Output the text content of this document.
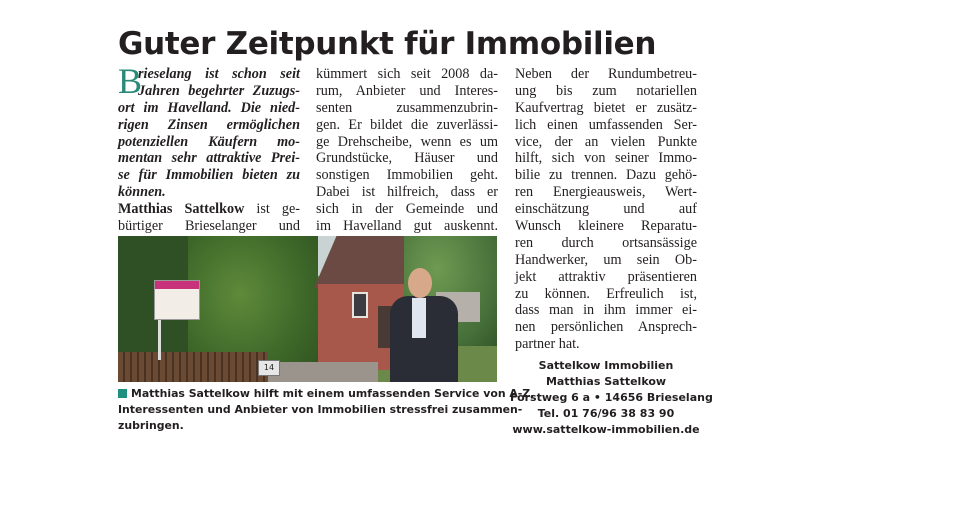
Guter Zeitpunkt für Immobilien
B
rieselang ist schon seit
Jahren begehrter Zuzugs-
ort im Havelland. Die nied-
rigen Zinsen ermöglichen
potenziellen Käufern mo-
mentan sehr attraktive Prei-
se für Immobilien bieten zu
können.
Matthias Sattelkow ist ge-
bürtiger Brieselanger und
kümmert sich seit 2008 da-
rum, Anbieter und Interes-
senten zusammenzubrin-
gen. Er bildet die zuverlässi-
ge Drehscheibe, wenn es um
Grundstücke, Häuser und
sonstigen Immobilien geht.
Dabei ist hilfreich, dass er
sich in der Gemeinde und
im Havelland gut auskennt.
Neben der Rundumbetreu-
ung bis zum notariellen
Kaufvertrag bietet er zusätz-
lich einen umfassenden Ser-
vice, der an vielen Punkte
hilft, sich von seiner Immo-
bilie zu trennen. Dazu gehö-
ren Energieausweis, Wert-
einschätzung und auf
Wunsch kleinere Reparatu-
ren durch ortsansässige
Handwerker, um sein Ob-
jekt attraktiv präsentieren
zu können. Erfreulich ist,
dass man in ihm immer ei-
nen persönlichen Ansprech-
partner hat.
14
Matthias Sattelkow hilft mit einem umfassenden Service von A-Z,
Interessenten und Anbieter von Immobilien stressfrei zusammen-
zubringen.
Sattelkow Immobilien
Matthias Sattelkow
Forstweg 6 a • 14656 Brieselang
Tel. 01 76/96 38 83 90
www.sattelkow-immobilien.de
